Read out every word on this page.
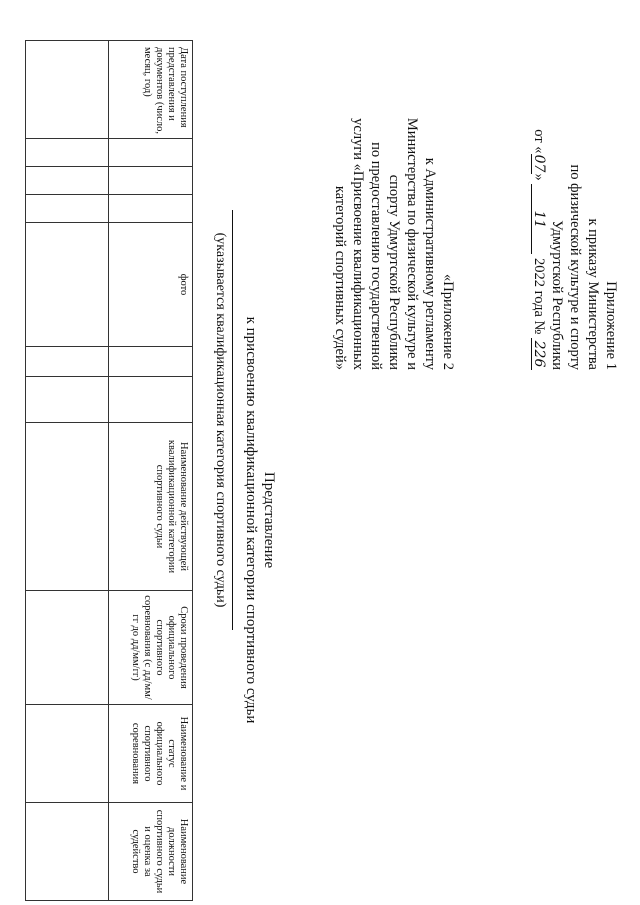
Приложение 1
к приказу Министерства
по физической культуре и спорту
Удмуртской Республики
от «07» 11 2022 года № 226
«Приложение 2
к Административному регламенту
Министерства по физической культуре и
спорту Удмуртской Республики
по предоставлению государственной
услуги «Присвоение квалификационных
категорий спортивных судей»
Представление
к присвоению квалификационной категории спортивного судьи
(указывается квалификационная категория спортивного судьи)
Дата поступления представления и документов (число, месяц, год)				фото			Наименование действующей квалификационной категории спортивного судьи	Сроки проведения официального спортивного соревнования (с дд/мм/гг до дд/мм/гг)	Наименование и статус официального спортивного соревнования	Наименование должности спортивного судьи и оценка за судейство
